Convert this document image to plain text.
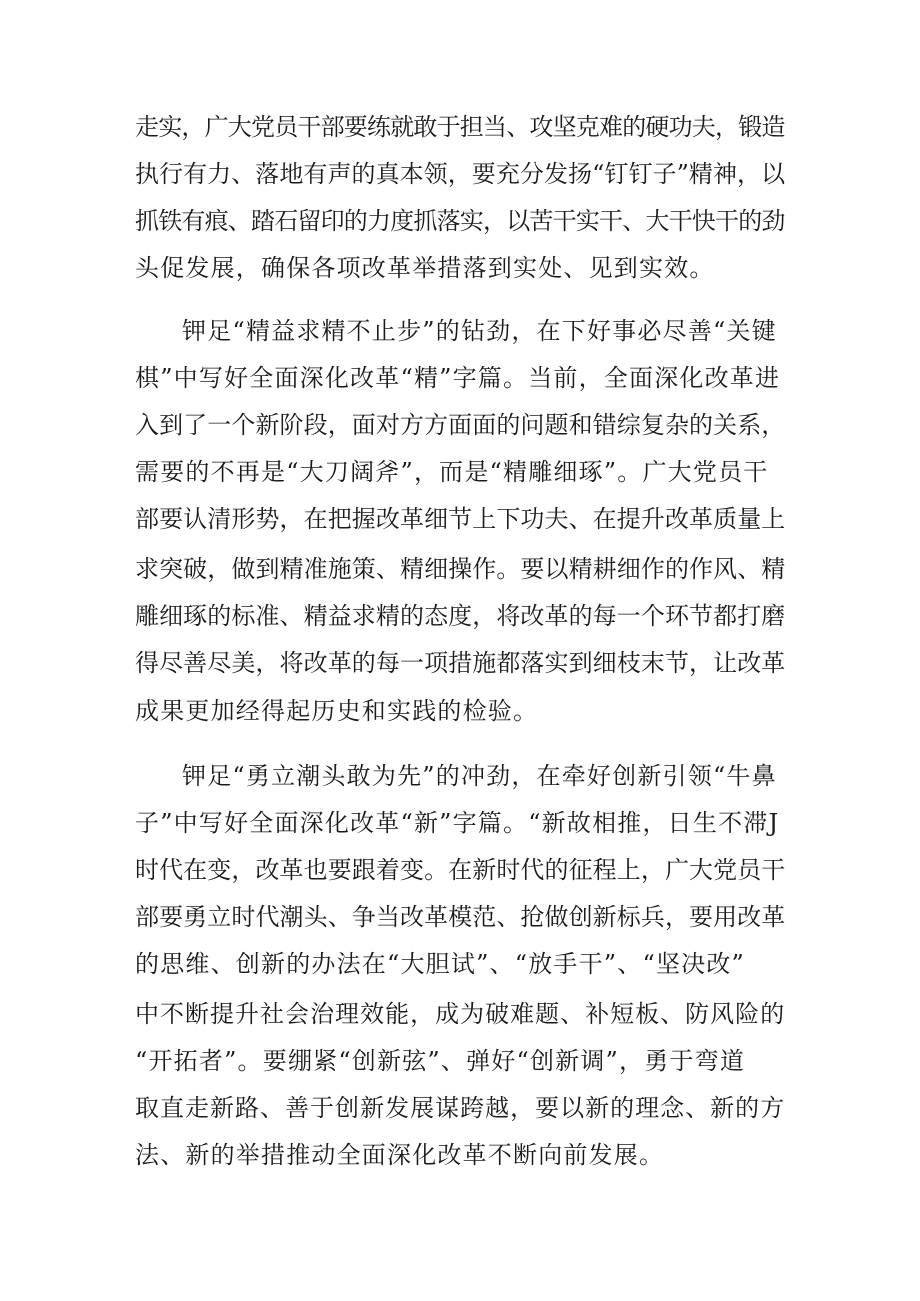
走实，广大党员干部要练就敢于担当、攻坚克难的硬功夫，锻造
执行有力、落地有声的真本领，要充分发扬“钉钉子”精神，以
抓铁有痕、踏石留印的力度抓落实，以苦干实干、大干快干的劲
头促发展，确保各项改革举措落到实处、见到实效。
钾足“精益求精不止步”的钻劲，在下好事必尽善“关键
棋”中写好全面深化改革“精”字篇。当前，全面深化改革进
入到了一个新阶段，面对方方面面的问题和错综复杂的关系，
需要的不再是“大刀阔斧”，而是“精雕细琢”。广大党员干
部要认清形势，在把握改革细节上下功夫、在提升改革质量上
求突破，做到精准施策、精细操作。要以精耕细作的作风、精
雕细琢的标准、精益求精的态度，将改革的每一个环节都打磨
得尽善尽美，将改革的每一项措施都落实到细枝末节，让改革
成果更加经得起历史和实践的检验。
钾足“勇立潮头敢为先”的冲劲，在牵好创新引领“牛鼻
子”中写好全面深化改革“新”字篇。“新故相推，日生不滞J
时代在变，改革也要跟着变。在新时代的征程上，广大党员干
部要勇立时代潮头、争当改革模范、抢做创新标兵，要用改革
的思维、创新的办法在“大胆试”、“放手干”、“坚决改”
中不断提升社会治理效能，成为破难题、补短板、防风险的
“开拓者”。要绷紧“创新弦”、弹好“创新调”，勇于弯道
取直走新路、善于创新发展谋跨越，要以新的理念、新的方
法、新的举措推动全面深化改革不断向前发展。
